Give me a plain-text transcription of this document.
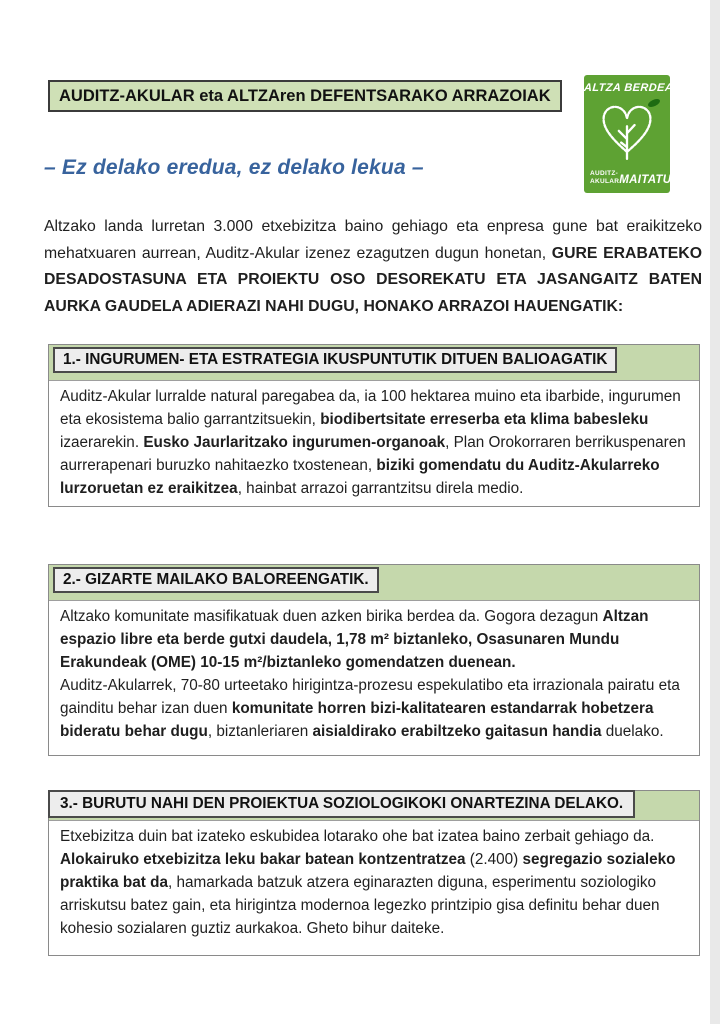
AUDITZ-AKULAR eta ALTZAren DEFENTSARAKO ARRAZOIAK	ALTZA BERDEA
AUDITZ-
AKULAR MAITATU
– Ez delako eredua, ez delako lekua –

Altzako landa lurretan 3.000 etxebizitza baino gehiago eta enpresa gune bat eraikitzeko mehatxuaren aurrean, Auditz-Akular izenez ezagutzen dugun honetan, GURE ERABATEKO DESADOSTASUNA ETA PROIEKTU OSO DESOREKATU ETA JASANGAITZ BATEN AURKA GAUDELA ADIERAZI NAHI DUGU, HONAKO ARRAZOI HAUENGATIK:

1.- INGURUMEN- ETA ESTRATEGIA IKUSPUNTUTIK DITUEN BALIOAGATIK

Auditz-Akular lurralde natural paregabea da, ia 100 hektarea muino eta ibarbide, ingurumen eta ekosistema balio garrantzitsuekin, biodibertsitate erreserba eta klima babesleku izaerarekin. Eusko Jaurlaritzako ingurumen-organoak, Plan Orokorraren berrikuspenaren aurrerapenari buruzko nahitaezko txostenean, biziki gomendatu du Auditz-Akularreko lurzoruetan ez eraikitzea, hainbat arrazoi garrantzitsu direla medio.

2.- GIZARTE MAILAKO BALOREENGATIK.

Altzako komunitate masifikatuak duen azken birika berdea da. Gogora dezagun Altzan espazio libre eta berde gutxi daudela, 1,78 m² biztanleko, Osasunaren Mundu Erakundeak (OME) 10-15 m²/biztanleko gomendatzen duenean.

Auditz-Akularrek, 70-80 urteetako hirigintza-prozesu espekulatibo eta irrazionala pairatu eta gainditu behar izan duen komunitate horren bizi-kalitatearen estandarrak hobetzera bideratu behar dugu, biztanleriaren aisialdirako erabiltzeko gaitasun handia duelako.

3.- BURUTU NAHI DEN PROIEKTUA SOZIOLOGIKOKI ONARTEZINA DELAKO.

Etxebizitza duin bat izateko eskubidea lotarako ohe bat izatea baino zerbait gehiago da.

Alokairuko etxebizitza leku bakar batean kontzentratzea (2.400) segregazio sozialeko praktika bat da, hamarkada batzuk atzera eginarazten diguna, esperimentu soziologiko arriskutsu batez gain, eta hirigintza modernoa legezko printzipio gisa definitu behar duen kohesio sozialaren guztiz aurkakoa. Gheto bihur daiteke.
